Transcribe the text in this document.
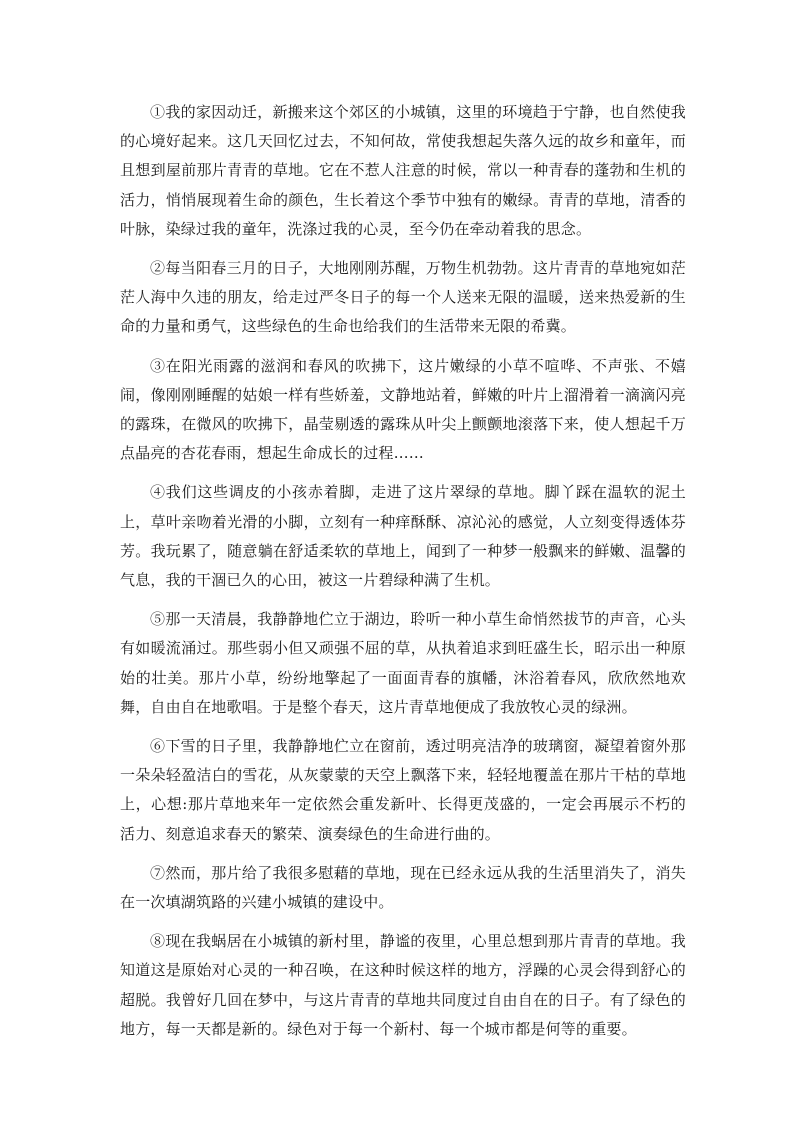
①我的家因动迁，新搬来这个郊区的小城镇，这里的环境趋于宁静，也自然使我的心境好起来。这几天回忆过去，不知何故，常使我想起失落久远的故乡和童年，而且想到屋前那片青青的草地。它在不惹人注意的时候，常以一种青春的蓬勃和生机的活力，悄悄展现着生命的颜色，生长着这个季节中独有的嫩绿。青青的草地，清香的叶脉，染绿过我的童年，洗涤过我的心灵，至今仍在牵动着我的思念。

②每当阳春三月的日子，大地刚刚苏醒，万物生机勃勃。这片青青的草地宛如茫茫人海中久违的朋友，给走过严冬日子的每一个人送来无限的温暖，送来热爱新的生命的力量和勇气，这些绿色的生命也给我们的生活带来无限的希冀。

③在阳光雨露的滋润和春风的吹拂下，这片嫩绿的小草不喧哗、不声张、不嬉闹，像刚刚睡醒的姑娘一样有些娇羞，文静地站着，鲜嫩的叶片上溜滑着一滴滴闪亮的露珠，在微风的吹拂下，晶莹剔透的露珠从叶尖上颤颤地滚落下来，使人想起千万点晶亮的杏花春雨，想起生命成长的过程……

④我们这些调皮的小孩赤着脚，走进了这片翠绿的草地。脚丫踩在温软的泥土上，草叶亲吻着光滑的小脚，立刻有一种痒酥酥、凉沁沁的感觉，人立刻变得透体芬芳。我玩累了，随意躺在舒适柔软的草地上，闻到了一种梦一般飘来的鲜嫩、温馨的气息，我的干涸已久的心田，被这一片碧绿种满了生机。

⑤那一天清晨，我静静地伫立于湖边，聆听一种小草生命悄然拔节的声音，心头有如暖流涌过。那些弱小但又顽强不屈的草，从执着追求到旺盛生长，昭示出一种原始的壮美。那片小草，纷纷地擎起了一面面青春的旗幡，沐浴着春风，欣欣然地欢舞，自由自在地歌唱。于是整个春天，这片青草地便成了我放牧心灵的绿洲。

⑥下雪的日子里，我静静地伫立在窗前，透过明亮洁净的玻璃窗，凝望着窗外那一朵朵轻盈洁白的雪花，从灰蒙蒙的天空上飘落下来，轻轻地覆盖在那片干枯的草地上，心想:那片草地来年一定依然会重发新叶、长得更茂盛的，一定会再展示不朽的活力、刻意追求春天的繁荣、演奏绿色的生命进行曲的。

⑦然而，那片给了我很多慰藉的草地，现在已经永远从我的生活里消失了，消失在一次填湖筑路的兴建小城镇的建设中。

⑧现在我蜗居在小城镇的新村里，静谧的夜里，心里总想到那片青青的草地。我知道这是原始对心灵的一种召唤，在这种时候这样的地方，浮躁的心灵会得到舒心的超脱。我曾好几回在梦中，与这片青青的草地共同度过自由自在的日子。有了绿色的地方，每一天都是新的。绿色对于每一个新村、每一个城市都是何等的重要。
